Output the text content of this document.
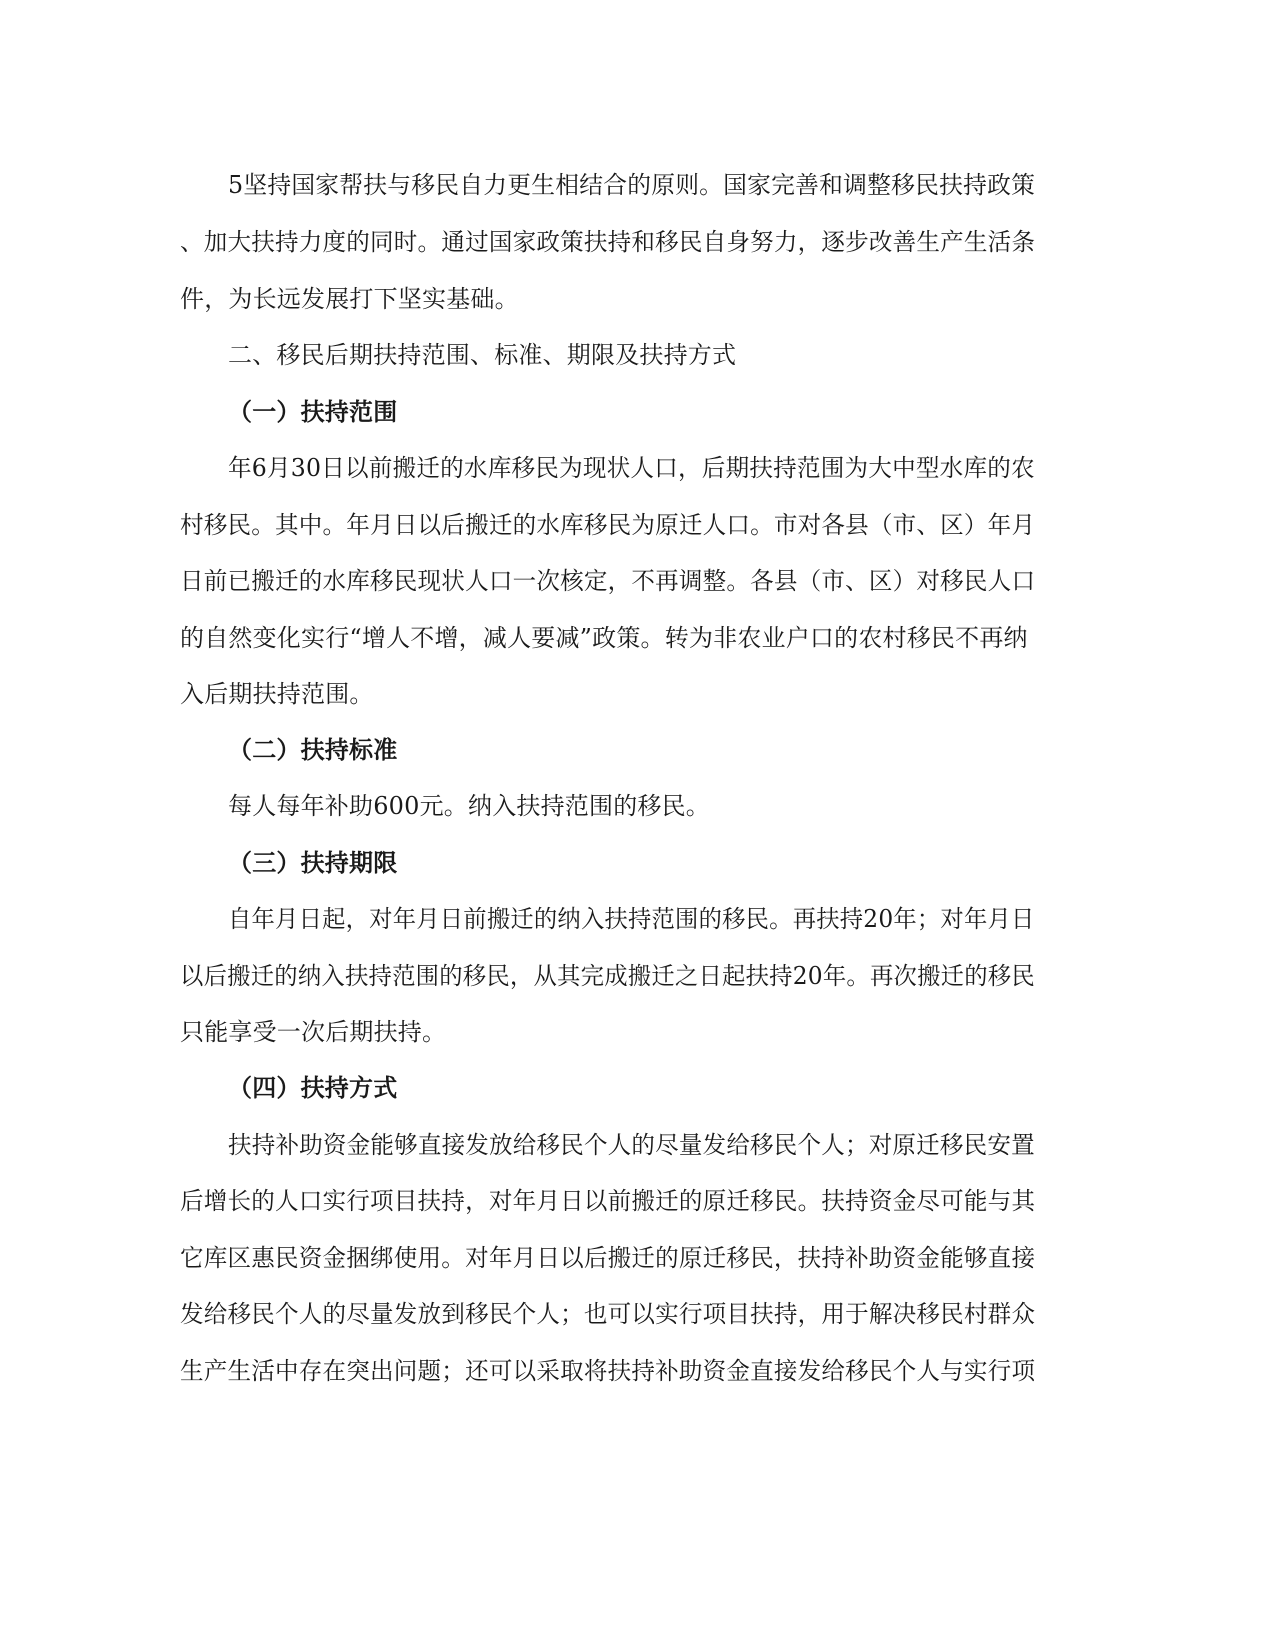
5坚持国家帮扶与移民自力更生相结合的原则。国家完善和调整移民扶持政策
、加大扶持力度的同时。通过国家政策扶持和移民自身努力，逐步改善生产生活条
件，为长远发展打下坚实基础。
二、移民后期扶持范围、标准、期限及扶持方式
（一）扶持范围
年6月30日以前搬迁的水库移民为现状人口，后期扶持范围为大中型水库的农
村移民。其中。年月日以后搬迁的水库移民为原迁人口。市对各县（市、区）年月
日前已搬迁的水库移民现状人口一次核定，不再调整。各县（市、区）对移民人口
的自然变化实行“增人不增，减人要减”政策。转为非农业户口的农村移民不再纳
入后期扶持范围。
（二）扶持标准
每人每年补助600元。纳入扶持范围的移民。
（三）扶持期限
自年月日起，对年月日前搬迁的纳入扶持范围的移民。再扶持20年；对年月日
以后搬迁的纳入扶持范围的移民，从其完成搬迁之日起扶持20年。再次搬迁的移民
只能享受一次后期扶持。
（四）扶持方式
扶持补助资金能够直接发放给移民个人的尽量发给移民个人；对原迁移民安置
后增长的人口实行项目扶持，对年月日以前搬迁的原迁移民。扶持资金尽可能与其
它库区惠民资金捆绑使用。对年月日以后搬迁的原迁移民，扶持补助资金能够直接
发给移民个人的尽量发放到移民个人；也可以实行项目扶持，用于解决移民村群众
生产生活中存在突出问题；还可以采取将扶持补助资金直接发给移民个人与实行项
